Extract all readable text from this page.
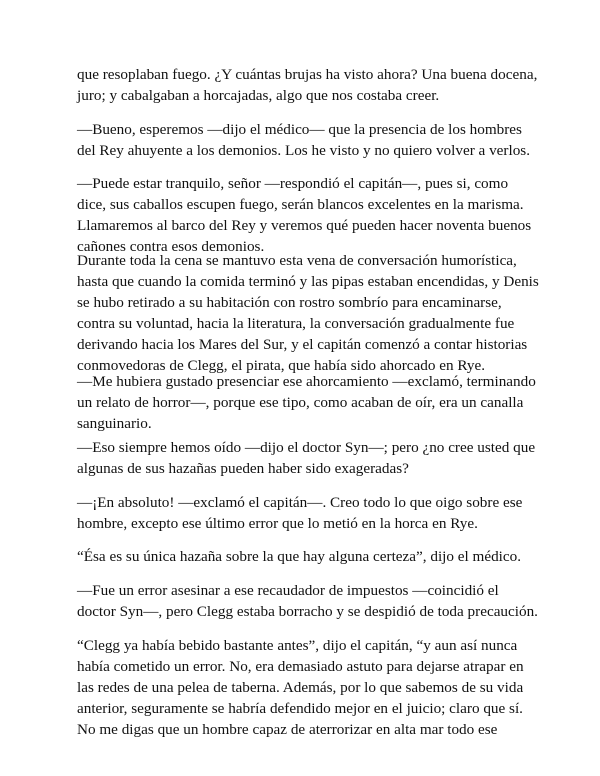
que resoplaban fuego. ¿Y cuántas brujas ha visto ahora? Una buena docena,
juro; y cabalgaban a horcajadas, algo que nos costaba creer.

—Bueno, esperemos —dijo el médico— que la presencia de los hombres
del Rey ahuyente a los demonios. Los he visto y no quiero volver a verlos.

—Puede estar tranquilo, señor —respondió el capitán—, pues si, como
dice, sus caballos escupen fuego, serán blancos excelentes en la marisma.
Llamaremos al barco del Rey y veremos qué pueden hacer noventa buenos
cañones contra esos demonios.

Durante toda la cena se mantuvo esta vena de conversación humorística,
hasta que cuando la comida terminó y las pipas estaban encendidas, y Denis
se hubo retirado a su habitación con rostro sombrío para encaminarse,
contra su voluntad, hacia la literatura, la conversación gradualmente fue
derivando hacia los Mares del Sur, y el capitán comenzó a contar historias
conmovedoras de Clegg, el pirata, que había sido ahorcado en Rye.

—Me hubiera gustado presenciar ese ahorcamiento —exclamó, terminando
un relato de horror—, porque ese tipo, como acaban de oír, era un canalla
sanguinario.

—Eso siempre hemos oído —dijo el doctor Syn—; pero ¿no cree usted que
algunas de sus hazañas pueden haber sido exageradas?

—¡En absoluto! —exclamó el capitán—. Creo todo lo que oigo sobre ese
hombre, excepto ese último error que lo metió en la horca en Rye.

“Ésa es su única hazaña sobre la que hay alguna certeza”, dijo el médico.

—Fue un error asesinar a ese recaudador de impuestos —coincidió el
doctor Syn—, pero Clegg estaba borracho y se despidió de toda precaución.

“Clegg ya había bebido bastante antes”, dijo el capitán, “y aun así nunca
había cometido un error. No, era demasiado astuto para dejarse atrapar en
las redes de una pelea de taberna. Además, por lo que sabemos de su vida
anterior, seguramente se habría defendido mejor en el juicio; claro que sí.
No me digas que un hombre capaz de aterrorizar en alta mar todo ese
